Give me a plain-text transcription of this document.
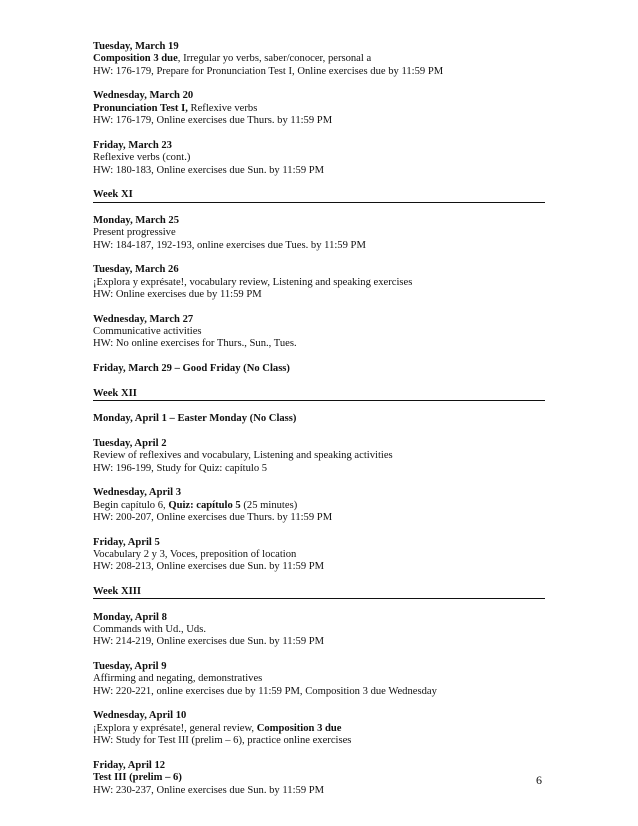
Tuesday, March 19
Composition 3 due, Irregular yo verbs, saber/conocer, personal a
HW: 176-179, Prepare for Pronunciation Test I, Online exercises due by 11:59 PM
Wednesday, March 20
Pronunciation Test I, Reflexive verbs
HW: 176-179, Online exercises due Thurs. by 11:59 PM
Friday, March 23
Reflexive verbs (cont.)
HW: 180-183, Online exercises due Sun. by 11:59 PM
Week XI
Monday, March 25
Present progressive
HW: 184-187, 192-193, online exercises due Tues. by 11:59 PM
Tuesday, March 26
¡Explora y exprésate!, vocabulary review, Listening and speaking exercises
HW: Online exercises due by 11:59 PM
Wednesday, March 27
Communicative activities
HW: No online exercises for Thurs., Sun., Tues.
Friday, March 29 – Good Friday (No Class)
Week XII
Monday, April 1 – Easter Monday (No Class)
Tuesday, April 2
Review of reflexives and vocabulary, Listening and speaking activities
HW: 196-199, Study for Quiz: capítulo 5
Wednesday, April 3
Begin capítulo 6, Quiz: capítulo 5 (25 minutes)
HW: 200-207, Online exercises due Thurs. by 11:59 PM
Friday, April 5
Vocabulary 2 y 3, Voces, preposition of location
HW: 208-213, Online exercises due Sun. by 11:59 PM
Week XIII
Monday, April 8
Commands with Ud., Uds.
HW: 214-219, Online exercises due Sun. by 11:59 PM
Tuesday, April 9
Affirming and negating, demonstratives
HW: 220-221, online exercises due by 11:59 PM, Composition 3 due Wednesday
Wednesday, April 10
¡Explora y exprésate!, general review, Composition 3 due
HW: Study for Test III (prelim – 6), practice online exercises
Friday, April 12
Test III (prelim – 6)
HW: 230-237, Online exercises due Sun. by 11:59 PM
6
